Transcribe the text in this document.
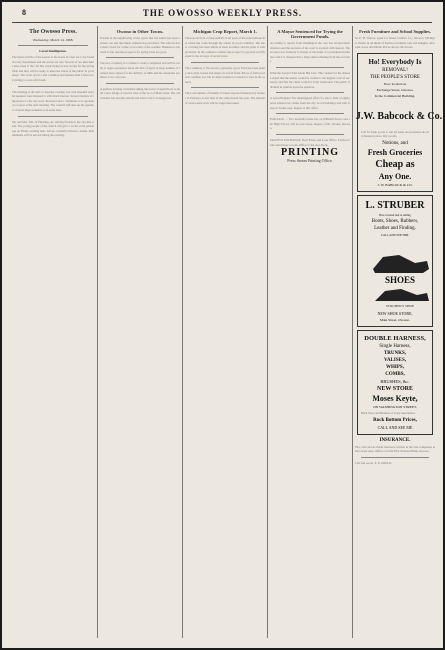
8	THE OWOSSO WEEKLY PRESS.
The Owosso Press.
Wednesday, March 14, 1888.
Local Intelligence.

The latest arrivals of the season at the stores in town are to be found in every department and the prices are low. Several of our merchants have been to the city this week laying in new stocks for the spring trade and they will be ready to meet the wants of the public in good shape. The roads are in a bad condition and farmers find it hard work getting to town with loads.

The meeting at the hall on Tuesday evening was well attended and the speakers were listened to with much interest. Several matters of importance to the city were discussed and a committee was appointed to report at the next meeting. The council will take up the question of street improvements at an early date.

Mr. and Mrs. Tell, of Flushing, are visiting friends in the city this week. The young people of the church will give a social at the parsonage on Friday evening next. All are cordially invited to attend. Refreshments will be served during the evening.

Owosso in Other Towns.

Friends in the neighboring towns report that the winter has been a severe one and that much sickness has prevailed. The schools have been closed for a time on account of the weather. Business is reported as fair and the prospects for spring trade are good.

The new creamery at Corunna is nearly completed and will be ready to begin operations about the first of April. A large number of farmers have signed for the delivery of milk and the enterprise promises to be a success.

A petition is being circulated asking the board of supervisors to build a new bridge across the river at the foot of Main street. The old structure has become unsafe and travel over it is dangerous.

Michigan Crop Report, March 1.

The reports from correspondents in all parts of the state indicate that wheat has come through the winter in good condition. The snow covering has been ample in most localities and the plant is well protected. In the southern counties the prospect is reported as fully equal to the average of recent years.

The condition of live stock is generally good. Feed has been plenty and cattle, horses and sheep are in fair flesh. Prices of farm products continue low but an improvement is looked for later in the season.

The total number of bushels of wheat reported marketed by farmers in February is less than in the same month last year. The amount of clover seed sown will be larger than usual.

A Mayor Sentenced for Trying the Government Funds.

According to reports from Washington the case has excited much attention and the decision of the court is awaited with interest. The accused was formerly in charge of the funds of a prominent institution and it is charged that a large sum is missing from the accounts.

What the Lawyer Said About His Case. The counsel for the defense stated that the matter would be carried to the highest court if necessary and that his client would be fully vindicated. The public is divided in opinion upon the question.

A Great Bargain! The undersigned offers for sale a farm of eighty acres situated two miles from the city. Good buildings and well watered. Terms easy. Inquire at this office.

FOR SALE — Two desirable house lots on Williams Street, near the High School, will be sold cheap. Inquire of Mr. Jerome, Owosso.

ERASTUS EXCHANGE. Real Estate and Loan Office. Farms for sale and money to loan. Office in the new block.

PRINTING
Press Steam Printing Office.
Fresh Furniture and School Supplies.

W. E. H. Watson, agent for Turner Lumber Co., Owosso, Michigan. Dealer in all kinds of hardwood lumber, lath and shingles. Also sash, doors and blinds. Prices always the lowest.

Ho! Everybody Is
REMOVAL!
THE PEOPLE'S STORE
Now located on
Exchange Street, Owosso,
In the Commercial Building.
J.W. Babcock & Co.

Call for fresh goods to suit all tastes and pocketbooks and cheapest prices. Dry Goods,

Notions, and
Fresh Groceries
Cheap as
Any One.
J. W. BABCOCK & CO.
L. STRUBER
Has on hand and is selling
Boots, Shoes, Rubbers,
Leather and Finding.
CALL AND SEE HIM.
SHOES
STRUBER'S SHOE
NEW SHOE STORE,
Main Street, Owosso.
DOUBLE HARNESS,
Single Harness,
TRUNKS,
VALISES,
WHIPS,
COMBS,
BRUSHES, &c.
NEW STORE
Moses Keyte,
ON WASHINGTON STREET,

Buck Saws and Harness of every description.

Rock Bottom Prices,
CALL AND SEE ME
INSURANCE.

Fire, Life and Accident insurance written in the best companies at the lowest rates. Office over the First National Bank, Owosso.

Call and see us. E. P. GOULD.
